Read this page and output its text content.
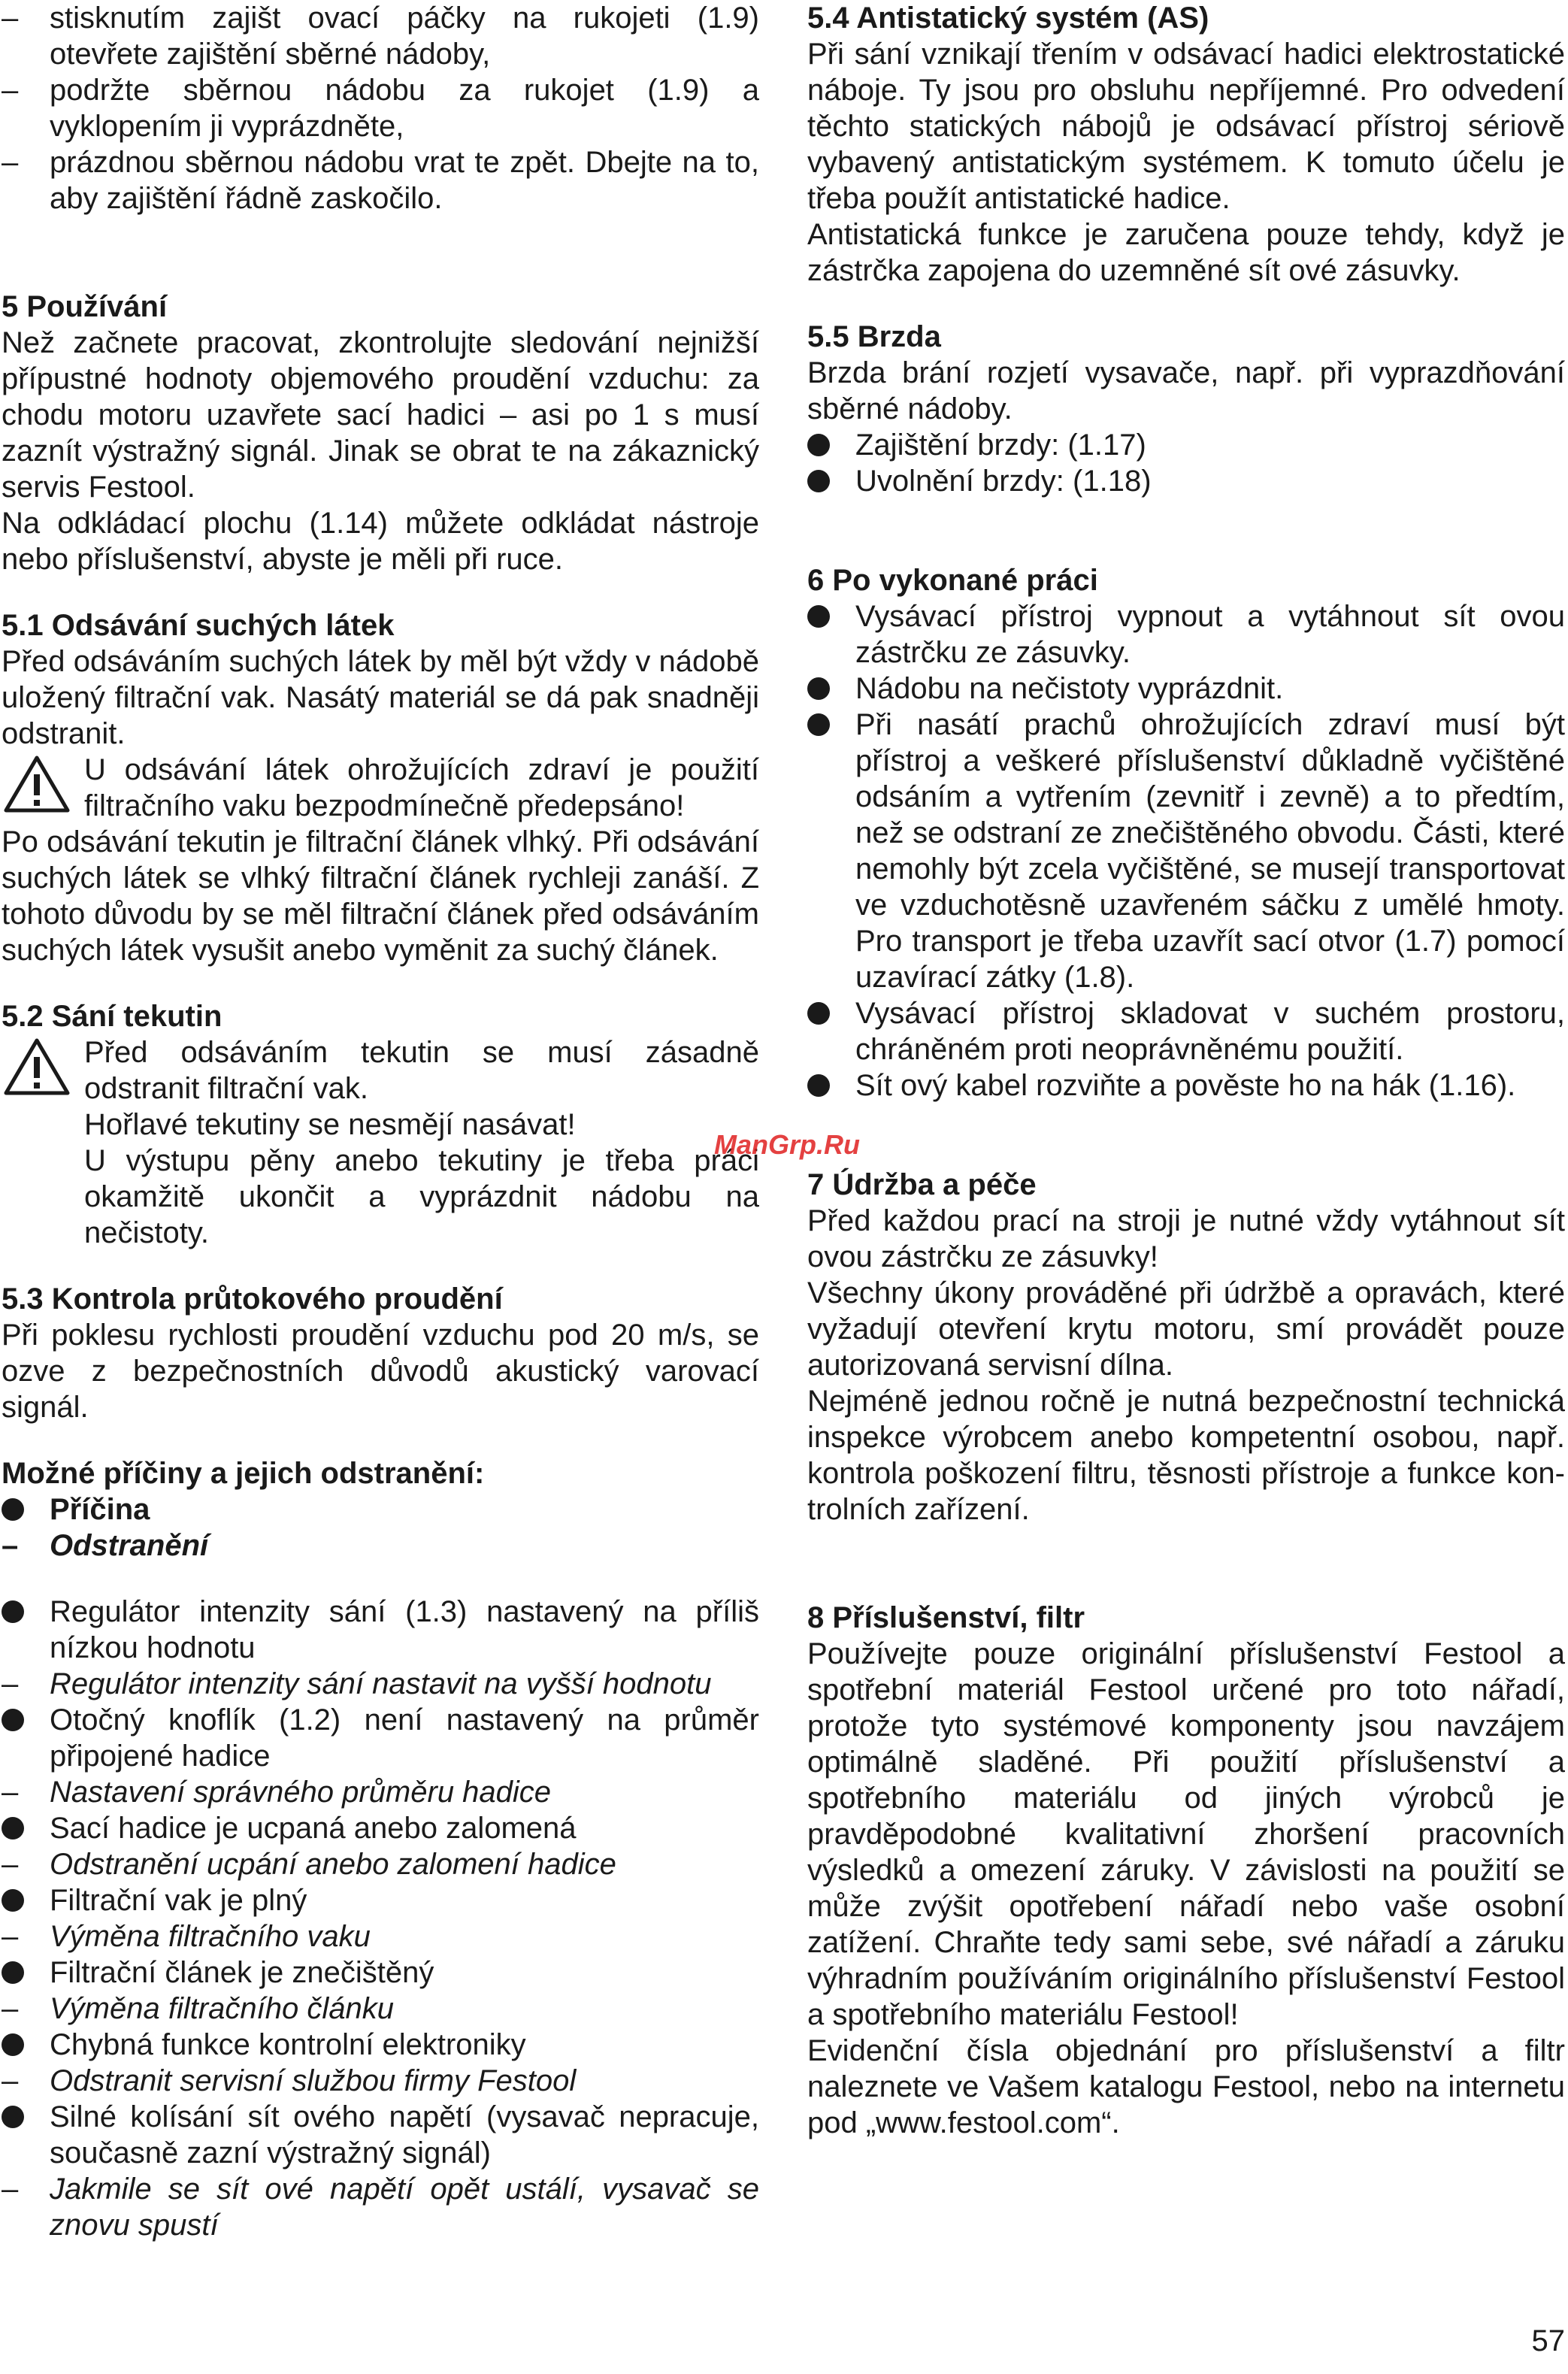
–	stisknutím zajišt ovací páčky na rukojeti (1.9) otevřete zajištění sběrné nádoby,
–	podržte sběrnou nádobu za rukojet (1.9) a vyklopením ji vyprázdněte,
–	prázdnou sběrnou nádobu vrat te zpět. Dbejte na to, aby zajištění řádně zaskočilo.

5 Používání

Než začnete pracovat, zkontrolujte sledování nejnižší přípustné hodnoty objemového proudění vzduchu: za chodu motoru uzavřete sací hadici – asi po 1 s musí zaznít výstražný signál. Jinak se obrat te na zákaznický servis Festool.

Na odkládací plochu (1.14) můžete odkládat nástroje nebo příslušenství, abyste je měli při ruce.

5.1 Odsávání suchých látek

Před odsáváním suchých látek by měl být vždy v nádobě uložený filtrační vak. Nasátý materiál se dá pak snadněji odstranit.

U odsávání látek ohrožujících zdraví je použití filtračního vaku bezpodmínečně předepsáno!

Po odsávání tekutin je filtrační článek vlhký. Při odsávání suchých látek se vlhký filtrační článek rychleji zanáší. Z tohoto důvodu by se měl filtrační článek před odsáváním suchých látek vysušit anebo vyměnit za suchý článek.

5.2 Sání tekutin

Před odsáváním tekutin se musí zásadně odstranit filtrační vak.

Hořlavé tekutiny se nesmějí nasávat!

U výstupu pěny anebo tekutiny je třeba práci okamžitě ukončit a vyprázdnit nádobu na nečistoty.

5.3 Kontrola průtokového proudění

Při poklesu rychlosti proudění vzduchu pod 20 m/s, se ozve z bezpečnostních důvodů akustický varovací signál.

Možné příčiny a jejich odstranění:

Příčina
–	Odstranění
Regulátor intenzity sání (1.3) nastavený na příliš nízkou hodnotu
–	Regulátor intenzity sání nastavit na vyšší hodnotu
Otočný knoflík (1.2) není nastavený na průměr připojené hadice
–	Nastavení správného průměru hadice
Sací hadice je ucpaná anebo zalomená
–	Odstranění ucpání anebo zalomení hadice
Filtrační vak je plný
–	Výměna filtračního vaku
Filtrační článek je znečištěný
–	Výměna filtračního článku
Chybná funkce kontrolní elektroniky
–	Odstranit servisní službou firmy Festool
Silné kolísání sít ového napětí (vysavač nepracuje, současně zazní výstražný signál)
–	Jakmile se sít ové napětí opět ustálí, vysavač se znovu spustí

5.4 Antistatický systém (AS)

Při sání vznikají třením v odsávací hadici elektrostatické náboje. Ty jsou pro obsluhu nepříjemné. Pro odvedení těchto statických nábojů je odsávací přístroj sériově vybavený antistatickým systémem. K tomuto účelu je třeba použít antistatické hadice.

Antistatická funkce je zaručena pouze tehdy, když je zástrčka zapojena do uzemněné sít ové zásuvky.

5.5 Brzda

Brzda brání rozjetí vysavače, např. při vyprazdňování sběrné nádoby.

Zajištění brzdy: (1.17)
Uvolnění brzdy: (1.18)

6 Po vykonané práci

Vysávací přístroj vypnout a vytáhnout sít ovou zástrčku ze zásuvky.
Nádobu na nečistoty vyprázdnit.
Při nasátí prachů ohrožujících zdraví musí být přístroj a veškeré příslušenství důkladně vyčištěné odsáním a vytřením (zevnitř i zevně) a to předtím, než se odstraní ze znečištěného obvodu. Části, které nemohly být zcela vyčištěné, se musejí transportovat ve vzduchotěsně uzavřeném sáčku z umělé hmoty. Pro transport je třeba uzavřít sací otvor (1.7) pomocí uzavírací zátky (1.8).
Vysávací přístroj skladovat v suchém prostoru, chráněném proti neoprávněnému použití.
Sít ový kabel rozviňte a pověste ho na hák (1.16).

7 Údržba a péče

Před každou prací na stroji je nutné vždy vytáhnout sít ovou zástrčku ze zásuvky!

Všechny úkony prováděné při údržbě a opravách, které vyžadují otevření krytu motoru, smí provádět pouze autorizovaná servisní dílna.

Nejméně jednou ročně je nutná bezpečnostní technická inspekce výrobcem anebo kompetentní osobou, např. kontrola poškození filtru, těsnosti přístroje a funkce kon-trolních zařízení.

8 Příslušenství, filtr

Používejte pouze originální příslušenství Festool a spotřební materiál Festool určené pro toto nářadí, protože tyto systémové komponenty jsou navzájem optimálně sladěné. Při použití příslušenství a spotřebního materiálu od jiných výrobců je pravděpodobné kvalitativní zhoršení pracovních výsledků a omezení záruky. V závislosti na použití se může zvýšit opotřebení nářadí nebo vaše osobní zatížení. Chraňte tedy sami sebe, své nářadí a záruku výhradním používáním originálního příslušenství Festool a spotřebního materiálu Festool!

Evidenční čísla objednání pro příslušenství a filtr naleznete ve Vašem katalogu Festool, nebo na internetu pod „www.festool.com“.

ManGrp.Ru
57
